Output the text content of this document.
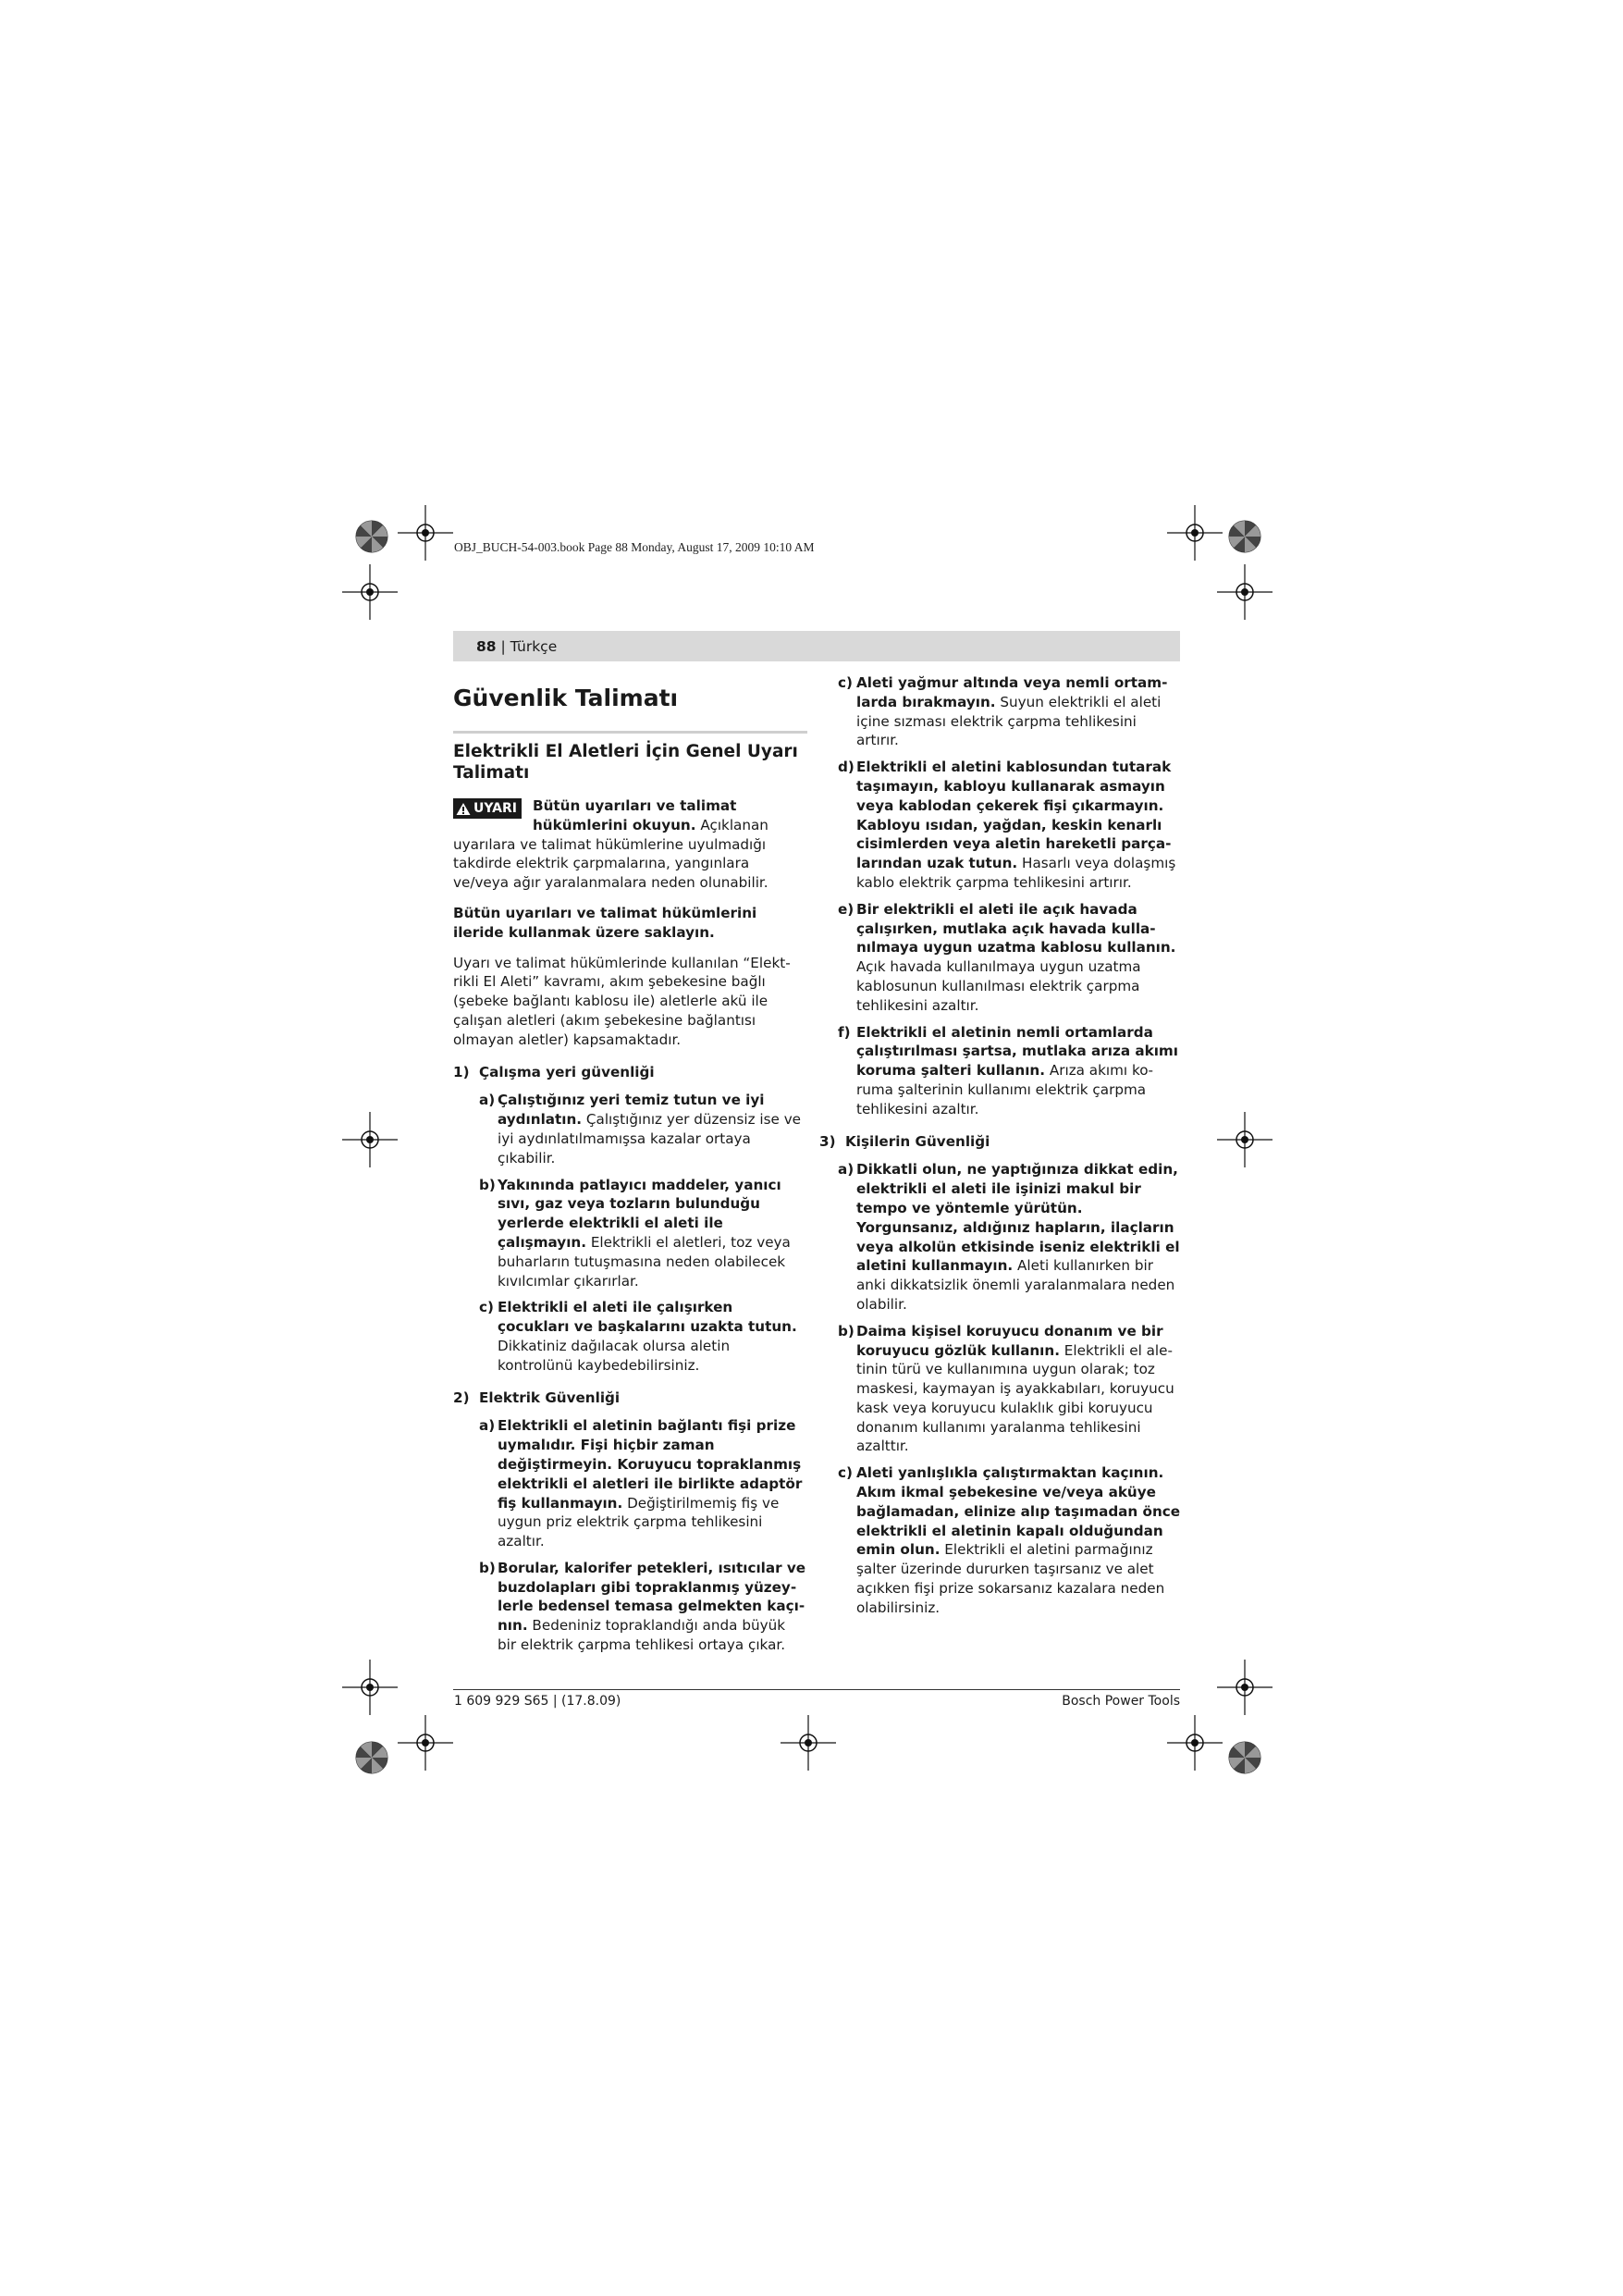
OBJ_BUCH-54-003.book Page 88 Monday, August 17, 2009 10:10 AM
88 | Türkçe
Güvenlik Talimatı
Elektrikli El Aletleri İçin Genel Uyarı Talimatı

UYARI Bütün uyarıları ve talimat hükümlerini okuyun. Açıklanan uyarılara ve talimat hükümlerine uyulmadığı takdirde elektrik çarpmalarına, yangınlara ve/veya ağır yaralanmalara neden olunabilir.

Bütün uyarıları ve talimat hükümlerini ileride kullanmak üzere saklayın.

Uyarı ve talimat hükümlerinde kullanılan “Elektrikli El Aleti” kavramı, akım şebekesine bağlı (şebeke bağlantı kablosu ile) aletlerle akü ile çalışan aletleri (akım şebekesine bağlantısı olmayan aletler) kapsamaktadır.

1) Çalışma yeri güvenliği

a) Çalıştığınız yeri temiz tutun ve iyi aydınlatın. Çalıştığınız yer düzensiz ise ve iyi aydınlatılmamışsa kazalar ortaya çıkabilir.
b) Yakınında patlayıcı maddeler, yanıcı sıvı, gaz veya tozların bulunduğu yerlerde elektrikli el aleti ile çalışmayın. Elektrikli el aletleri, toz veya buharların tutuşmasına neden olabilecek kıvılcımlar çıkarırlar.
c) Elektrikli el aleti ile çalışırken çocukları ve başkalarını uzakta tutun. Dikkatiniz dağılacak olursa aletin kontrolünü kaybedebilirsiniz.

2) Elektrik Güvenliği

a) Elektrikli el aletinin bağlantı fişi prize uymalıdır. Fişi hiçbir zaman değiştirmeyin. Koruyucu topraklanmış elektrikli el aletleri ile birlikte adaptör fiş kullanmayın. Değiştirilmemiş fiş ve uygun priz elektrik çarpma tehlikesini azaltır.
b) Borular, kalorifer petekleri, ısıtıcılar ve buzdolapları gibi topraklanmış yüzeylerle bedensel temasa gelmekten kaçının. Bedeniniz topraklandığı anda büyük bir elektrik çarpma tehlikesi ortaya çıkar.
c) Aleti yağmur altında veya nemli ortamlarda bırakmayın. Suyun elektrikli el aleti içine sızması elektrik çarpma tehlikesini artırır.
d) Elektrikli el aletini kablosundan tutarak taşımayın, kabloyu kullanarak asmayın veya kablodan çekerek fişi çıkarmayın. Kabloyu ısıdan, yağdan, keskin kenarlı cisimlerden veya aletin hareketli parçalarından uzak tutun. Hasarlı veya dolaşmış kablo elektrik çarpma tehlikesini artırır.
e) Bir elektrikli el aleti ile açık havada çalışırken, mutlaka açık havada kullanılmaya uygun uzatma kablosu kullanın. Açık havada kullanılmaya uygun uzatma kablosunun kullanılması elektrik çarpma tehlikesini azaltır.
f) Elektrikli el aletinin nemli ortamlarda çalıştırılması şartsa, mutlaka arıza akımı koruma şalteri kullanın. Arıza akımı koruma şalterinin kullanımı elektrik çarpma tehlikesini azaltır.

3) Kişilerin Güvenliği

a) Dikkatli olun, ne yaptığınıza dikkat edin, elektrikli el aleti ile işinizi makul bir tempo ve yöntemle yürütün. Yorgunsanız, aldığınız hapların, ilaçların veya alkolün etkisinde iseniz elektrikli el aletini kullanmayın. Aleti kullanırken bir anki dikkatsizlik önemli yaralanmalara neden olabilir.
b) Daima kişisel koruyucu donanım ve bir koruyucu gözlük kullanın. Elektrikli el aletinin türü ve kullanımına uygun olarak; toz maskesi, kaymayan iş ayakkabıları, koruyucu kask veya koruyucu kulaklık gibi koruyucu donanım kullanımı yaralanma tehlikesini azalttır.
c) Aleti yanlışlıkla çalıştırmaktan kaçının. Akım ikmal şebekesine ve/veya aküye bağlamadan, elinize alıp taşımadan önce elektrikli el aletinin kapalı olduğundan emin olun. Elektrikli el aletini parmağınız şalter üzerinde dururken taşırsanız ve alet açıkken fişi prize sokarsanız kazalara neden olabilirsiniz.
1 609 929 S65 | (17.8.09)	Bosch Power Tools
